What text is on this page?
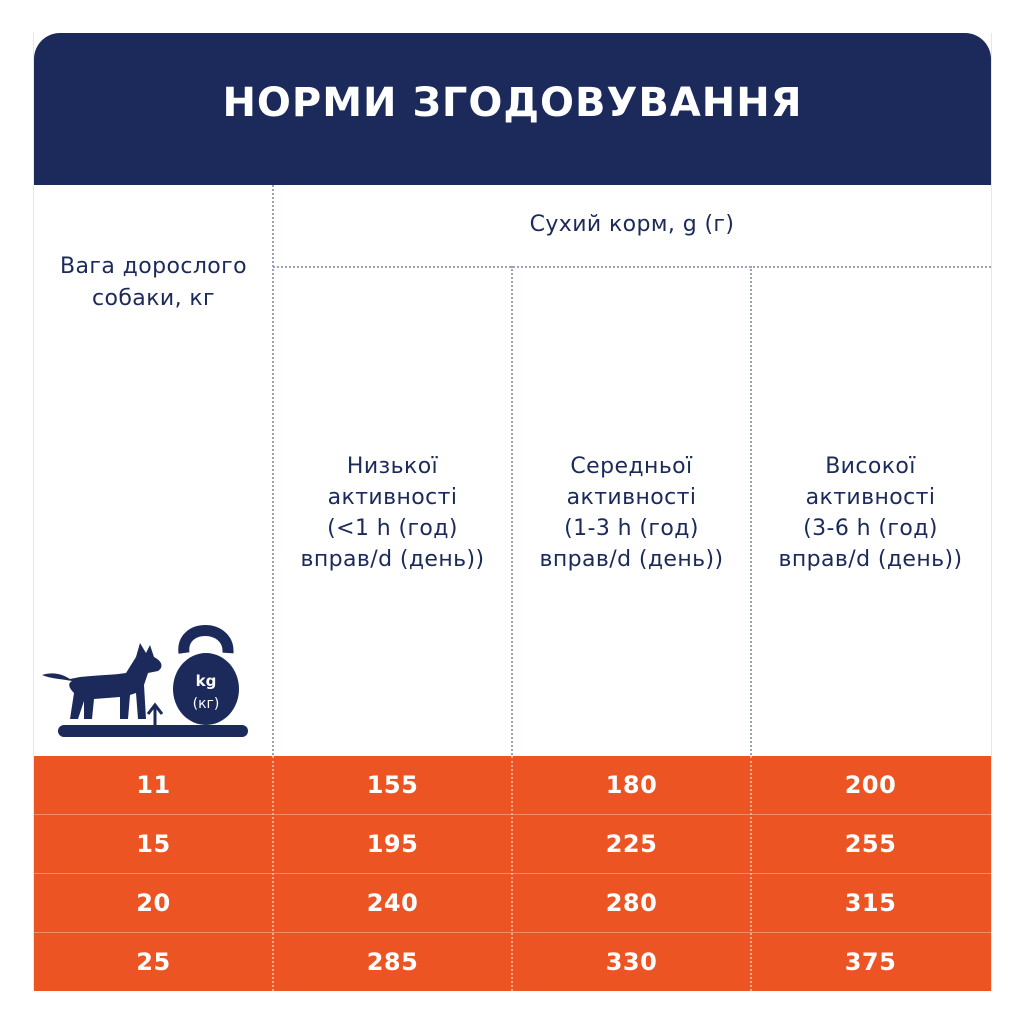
НОРМИ ЗГОДОВУВАННЯ
Вага дорослого собаки, кг
Сухий корм, g (г)
Низької
активності
(<1 h (год)
вправ/d (день))
Середньої
активності
(1-3 h (год)
вправ/d (день))
Високої
активності
(3-6 h (год)
вправ/d (день))
kg
(кг)
11	155	180	200
15	195	225	255
20	240	280	315
25	285	330	375
